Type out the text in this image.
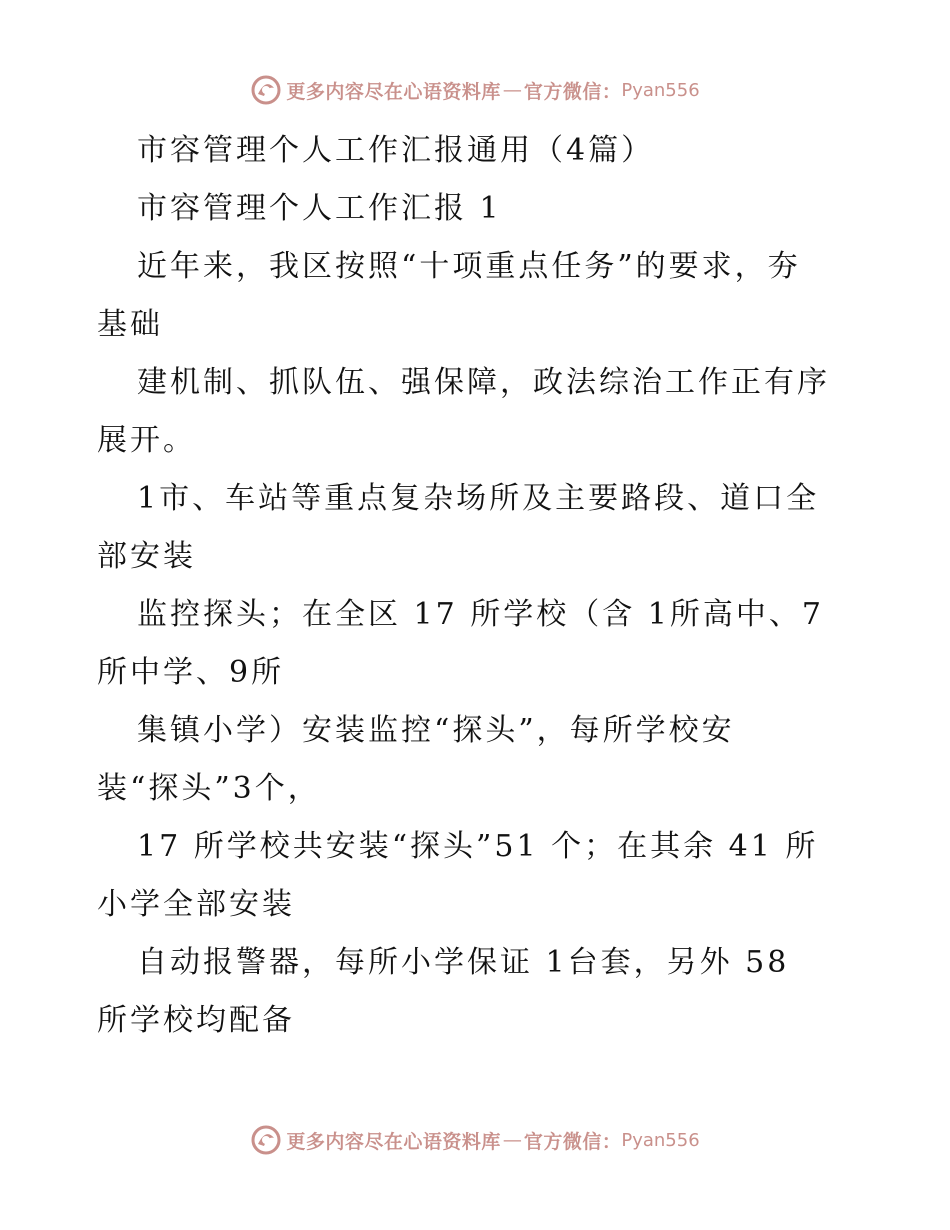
更多内容尽在心语资料库 — 官方微信： Pyan556
市容管理个人工作汇报通用（4篇）
市容管理个人工作汇报 1
近年来，我区按照“十项重点任务”的要求，夯
基础
建机制、抓队伍、强保障，政法综治工作正有序
展开。
1市、车站等重点复杂场所及主要路段、道口全
部安装
监控探头；在全区 17 所学校（含 1所高中、7
所中学、9所
集镇小学）安装监控“探头”，每所学校安
装“探头”3个，
17 所学校共安装“探头”51 个；在其余 41 所
小学全部安装
自动报警器，每所小学保证 1台套，另外 58
所学校均配备
更多内容尽在心语资料库 — 官方微信： Pyan556
